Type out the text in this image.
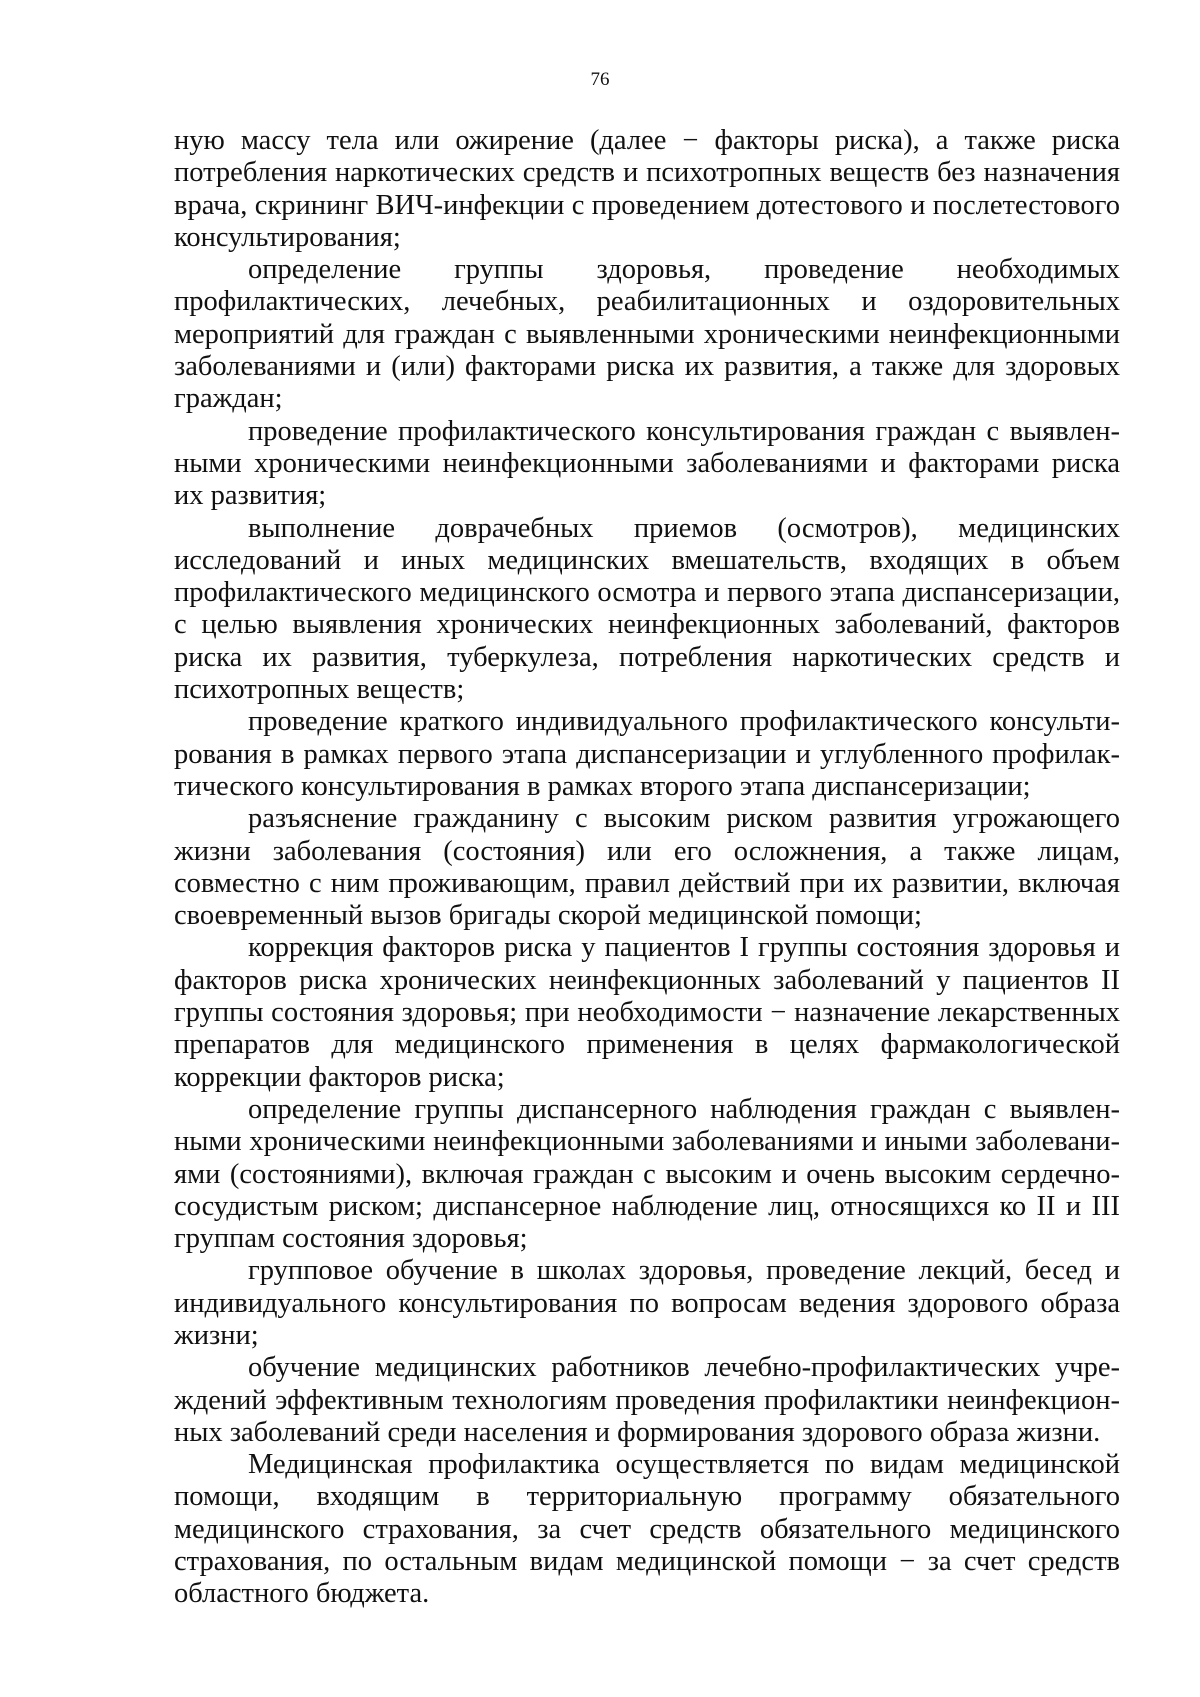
76

ную массу тела или ожирение (далее − факторы риска), а также риска потребления наркотических средств и психотропных веществ без назначения врача, скрининг ВИЧ-инфекции с проведением дотестового и послетестового консультирования;

определение группы здоровья, проведение необходимых профилактических, лечебных, реабилитационных и оздоровительных мероприятий для граждан с выявленными хроническими неинфекционными заболеваниями и (или) факторами риска их развития, а также для здоровых граждан;

проведение профилактического консультирования граждан с выявленными хроническими неинфекционными заболеваниями и факторами риска их развития;

выполнение доврачебных приемов (осмотров), медицинских исследований и иных медицинских вмешательств, входящих в объем профилактического медицинского осмотра и первого этапа диспансеризации, с целью выявления хронических неинфекционных заболеваний, факторов риска их развития, туберкулеза, потребления наркотических средств и психотропных веществ;

проведение краткого индивидуального профилактического консультирования в рамках первого этапа диспансеризации и углубленного профилактического консультирования в рамках второго этапа диспансеризации;

разъяснение гражданину с высоким риском развития угрожающего жизни заболевания (состояния) или его осложнения, а также лицам, совместно с ним проживающим, правил действий при их развитии, включая своевременный вызов бригады скорой медицинской помощи;

коррекция факторов риска у пациентов I группы состояния здоровья и факторов риска хронических неинфекционных заболеваний у пациентов II группы состояния здоровья; при необходимости − назначение лекарственных препаратов для медицинского применения в целях фармакологической коррекции факторов риска;

определение группы диспансерного наблюдения граждан с выявленными хроническими неинфекционными заболеваниями и иными заболеваниями (состояниями), включая граждан с высоким и очень высоким сердечнососудистым риском; диспансерное наблюдение лиц, относящихся ко II и III группам состояния здоровья;

групповое обучение в школах здоровья, проведение лекций, бесед и индивидуального консультирования по вопросам ведения здорового образа жизни;

обучение медицинских работников лечебно-профилактических учреждений эффективным технологиям проведения профилактики неинфекционных заболеваний среди населения и формирования здорового образа жизни.

Медицинская профилактика осуществляется по видам медицинской помощи, входящим в территориальную программу обязательного медицинского страхования, за счет средств обязательного медицинского страхования, по остальным видам медицинской помощи − за счет средств областного бюджета.
